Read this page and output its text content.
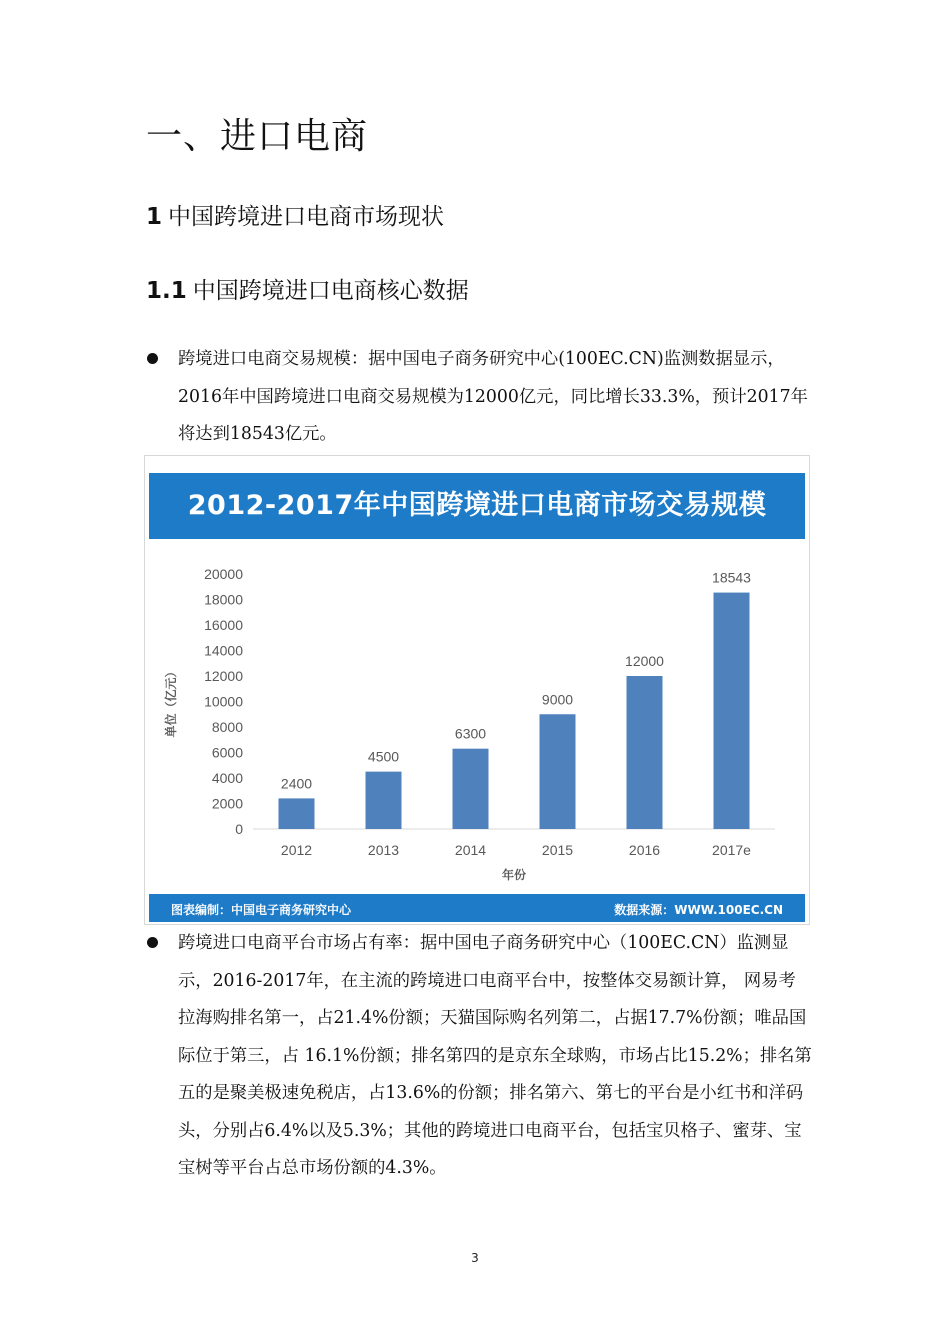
一、进口电商
1 中国跨境进口电商市场现状
1.1 中国跨境进口电商核心数据

跨境进口电商交易规模：据中国电子商务研究中心(100EC.CN)监测数据显示，2016年中国跨境进口电商交易规模为12000亿元，同比增长33.3%，预计2017年将达到18543亿元。

2012-2017年中国跨境进口电商市场交易规模
0
2000
4000
6000
8000
10000
12000
14000
16000
18000
20000
2400
2012
4500
2013
6300
2014
9000
2015
12000
2016
18543
2017e
年份
单位（亿元）
图表编制：中国电子商务研究中心	数据来源：WWW.100EC.CN

跨境进口电商平台市场占有率：据中国电子商务研究中心（100EC.CN）监测显示，2016-2017年，在主流的跨境进口电商平台中，按整体交易额计算， 网易考拉海购排名第一，占21.4%份额；天猫国际购名列第二，占据17.7%份额；唯品国际位于第三，占 16.1%份额；排名第四的是京东全球购，市场占比15.2%；排名第五的是聚美极速免税店，占13.6%的份额；排名第六、第七的平台是小红书和洋码头，分别占6.4%以及5.3%；其他的跨境进口电商平台，包括宝贝格子、蜜芽、宝宝树等平台占总市场份额的4.3%。

3
